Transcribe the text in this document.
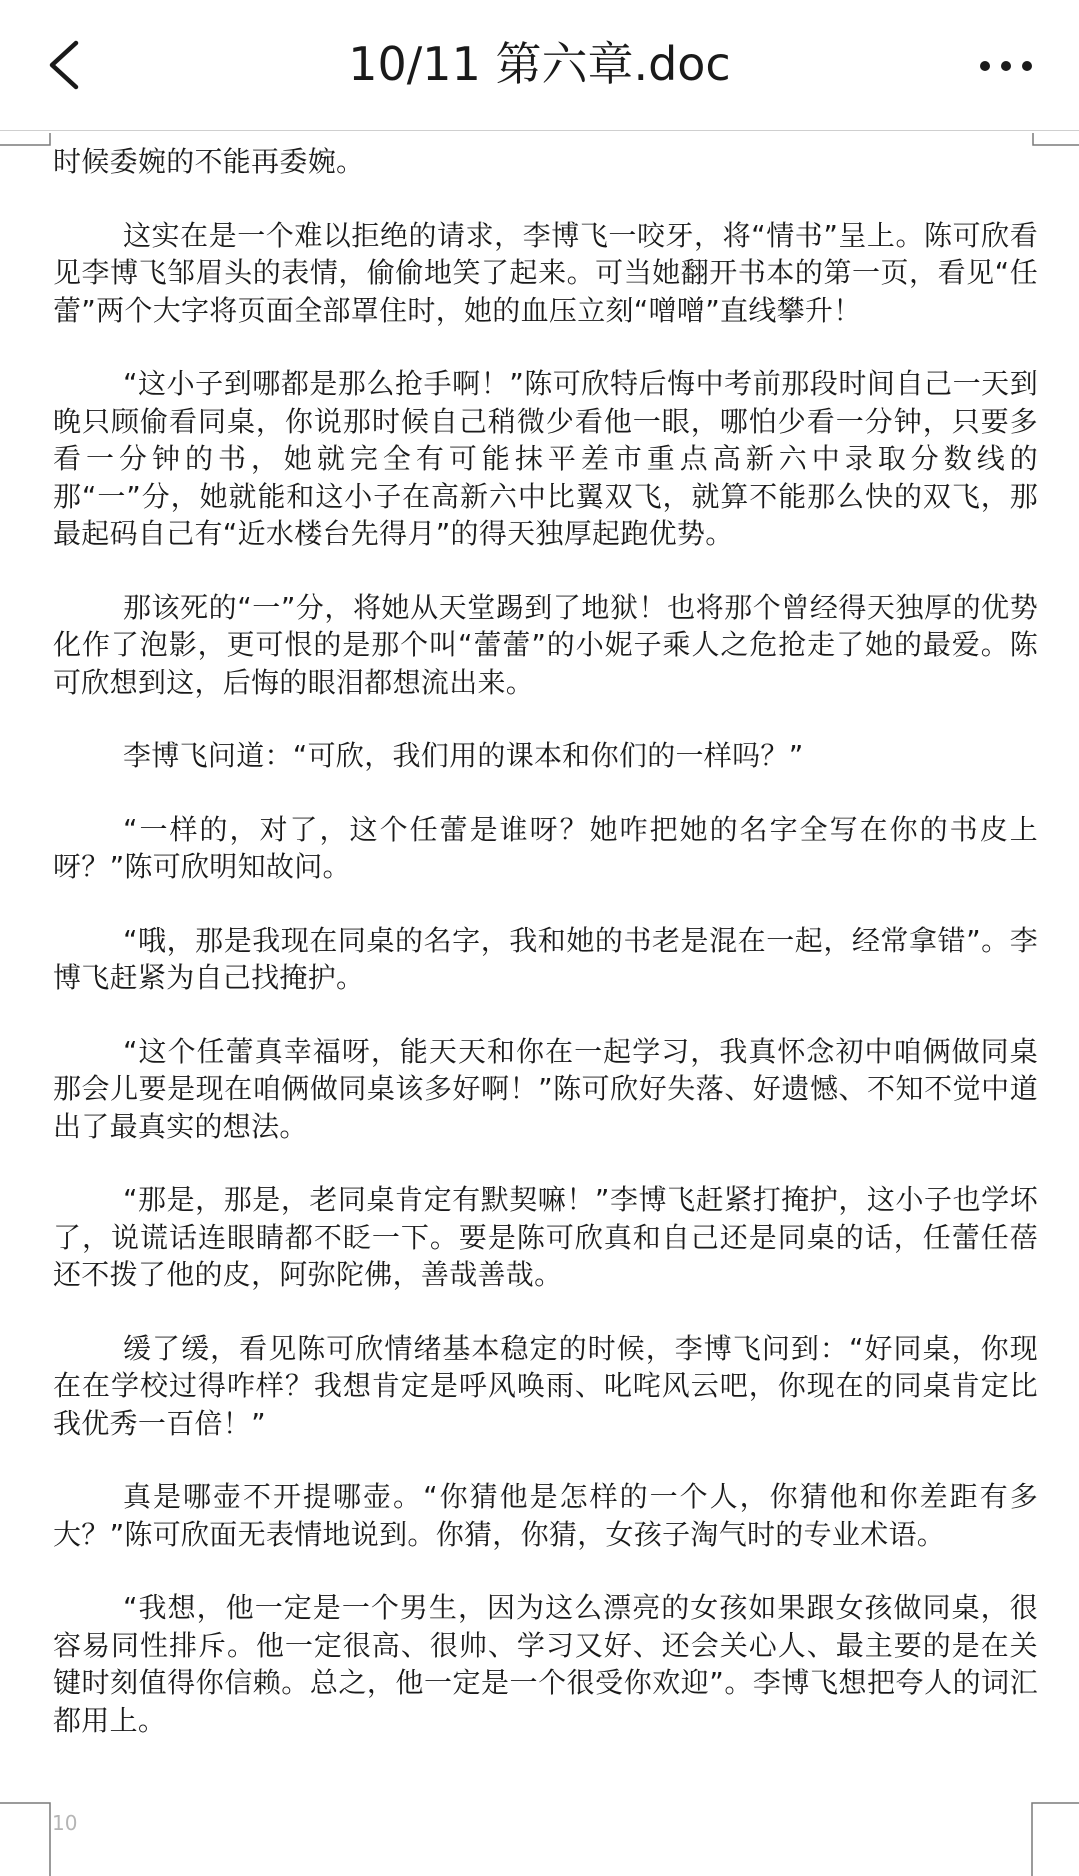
10/11 第六章.doc

时候委婉的不能再委婉。

这实在是一个难以拒绝的请求，李博飞一咬牙，将“情书”呈上。陈可欣看见李博飞邹眉头的表情，偷偷地笑了起来。可当她翻开书本的第一页，看见“任蕾”两个大字将页面全部罩住时，她的血压立刻“噌噌”直线攀升！

“这小子到哪都是那么抢手啊！”陈可欣特后悔中考前那段时间自己一天到晚只顾偷看同桌，你说那时候自己稍微少看他一眼，哪怕少看一分钟，只要多看一分钟的书，她就完全有可能抹平差市重点高新六中录取分数线的那“一”分，她就能和这小子在高新六中比翼双飞，就算不能那么快的双飞，那最起码自己有“近水楼台先得月”的得天独厚起跑优势。

那该死的“一”分，将她从天堂踢到了地狱！也将那个曾经得天独厚的优势化作了泡影，更可恨的是那个叫“蕾蕾”的小妮子乘人之危抢走了她的最爱。陈可欣想到这，后悔的眼泪都想流出来。

李博飞问道：“可欣，我们用的课本和你们的一样吗？”

“一样的，对了，这个任蕾是谁呀？她咋把她的名字全写在你的书皮上呀？”陈可欣明知故问。

“哦，那是我现在同桌的名字，我和她的书老是混在一起，经常拿错”。李博飞赶紧为自己找掩护。

“这个任蕾真幸福呀，能天天和你在一起学习，我真怀念初中咱俩做同桌那会儿要是现在咱俩做同桌该多好啊！”陈可欣好失落、好遗憾、不知不觉中道出了最真实的想法。

“那是，那是，老同桌肯定有默契嘛！”李博飞赶紧打掩护，这小子也学坏了，说谎话连眼睛都不眨一下。要是陈可欣真和自己还是同桌的话，任蕾任蓓还不拨了他的皮，阿弥陀佛，善哉善哉。

缓了缓，看见陈可欣情绪基本稳定的时候，李博飞问到：“好同桌，你现在在学校过得咋样？我想肯定是呼风唤雨、叱咤风云吧，你现在的同桌肯定比我优秀一百倍！”

真是哪壶不开提哪壶。“你猜他是怎样的一个人，你猜他和你差距有多大？”陈可欣面无表情地说到。你猜，你猜，女孩子淘气时的专业术语。

“我想，他一定是一个男生，因为这么漂亮的女孩如果跟女孩做同桌，很容易同性排斥。他一定很高、很帅、学习又好、还会关心人、最主要的是在关键时刻值得你信赖。总之，他一定是一个很受你欢迎”。李博飞想把夸人的词汇都用上。

10
